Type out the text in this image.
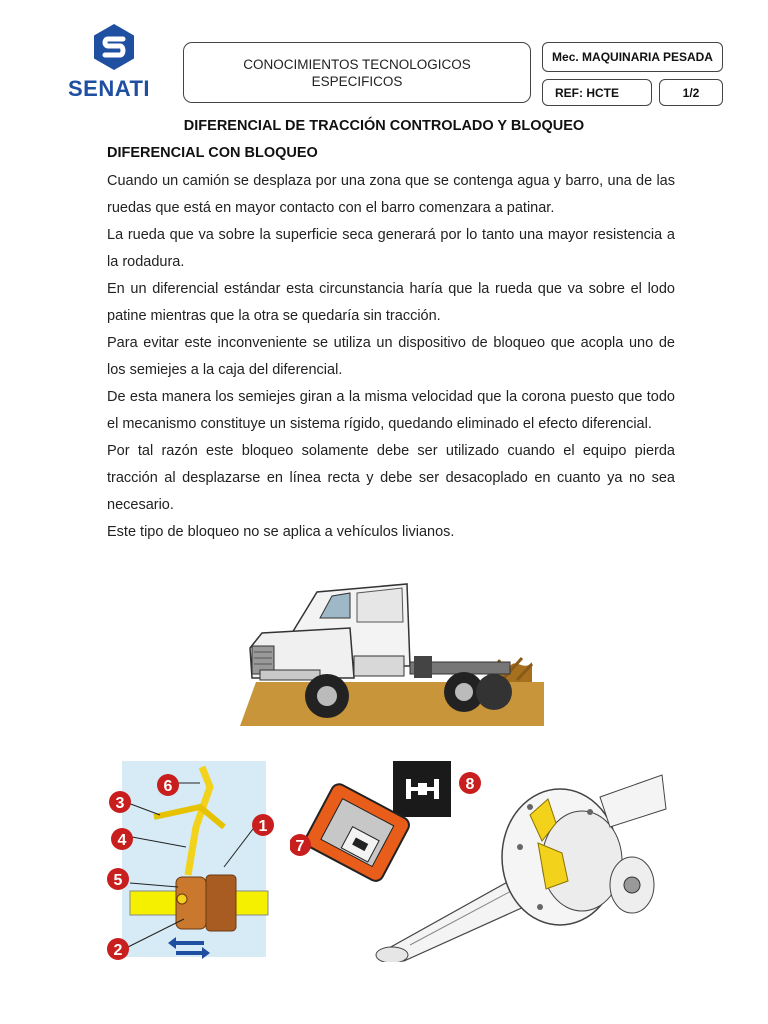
SENATI
CONOCIMIENTOS TECNOLOGICOS
ESPECIFICOS
Mec. MAQUINARIA PESADA
REF: HCTE	1/2
DIFERENCIAL DE TRACCIÓN CONTROLADO Y BLOQUEO
DIFERENCIAL CON BLOQUEO

Cuando un camión se desplaza por una zona que se contenga agua y barro, una de las ruedas que está en mayor contacto con el barro comenzara a patinar.

La rueda que va sobre la superficie seca generará por lo tanto una mayor resistencia a la rodadura.

En un diferencial estándar esta circunstancia haría que la rueda que va sobre el lodo patine mientras que la otra se quedaría sin tracción.

Para evitar este inconveniente se utiliza un dispositivo de bloqueo que acopla uno de los semiejes a la caja del diferencial.

De esta manera los semiejes giran a la misma velocidad que la corona puesto que todo el mecanismo constituye un sistema rígido, quedando eliminado el efecto diferencial.

Por tal razón este bloqueo solamente debe ser utilizado cuando el equipo pierda tracción al desplazarse en línea recta y debe ser desacoplado en cuanto ya no sea necesario.

Este tipo de bloqueo no se aplica a vehículos livianos.

1
2
3
4
5
6	8
7
